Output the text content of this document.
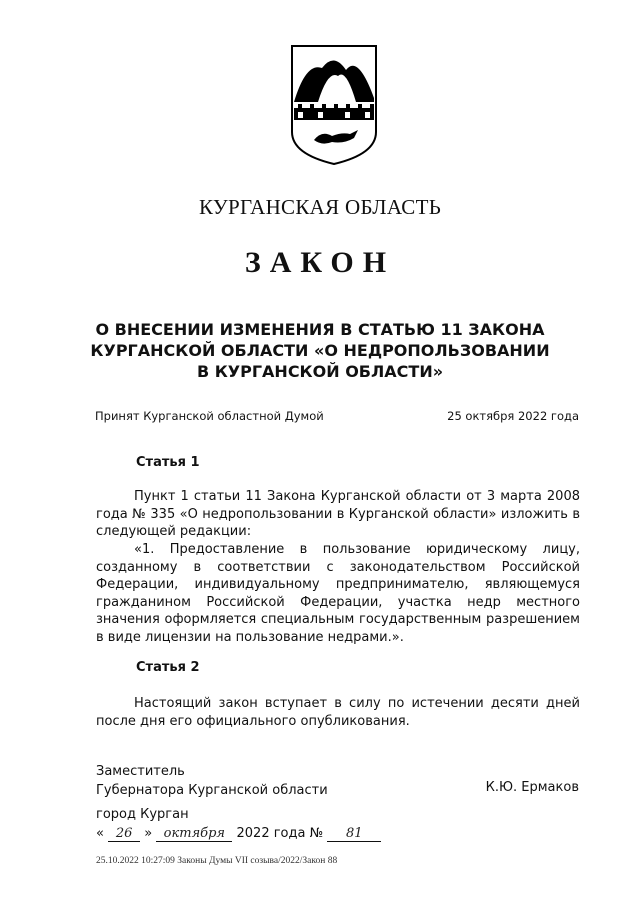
КУРГАНСКАЯ ОБЛАСТЬ
ЗАКОН
О ВНЕСЕНИИ ИЗМЕНЕНИЯ В СТАТЬЮ 11 ЗАКОНА
КУРГАНСКОЙ ОБЛАСТИ «О НЕДРОПОЛЬЗОВАНИИ
В КУРГАНСКОЙ ОБЛАСТИ»
Принят Курганской областной Думой	25 октября 2022 года
Статья 1
Пункт 1 статьи 11 Закона Курганской области от 3 марта 2008 года № 335 «О недропользовании в Курганской области» изложить в следующей редакции:
«1. Предоставление в пользование юридическому лицу, созданному в соответствии с законодательством Российской Федерации, индивидуальному предпринимателю, являющемуся гражданином Российской Федерации, участка недр местного значения оформляется специальным государственным разрешением в виде лицензии на пользование недрами.».
Статья 2
Настоящий закон вступает в силу по истечении десяти дней после дня его официального опубликования.
Заместитель
Губернатора Курганской области	К.Ю. Ермаков
город Курган
« 26 » октября 2022 года № 81
25.10.2022 10:27:09 Законы Думы VII созыва/2022/Закон 88
